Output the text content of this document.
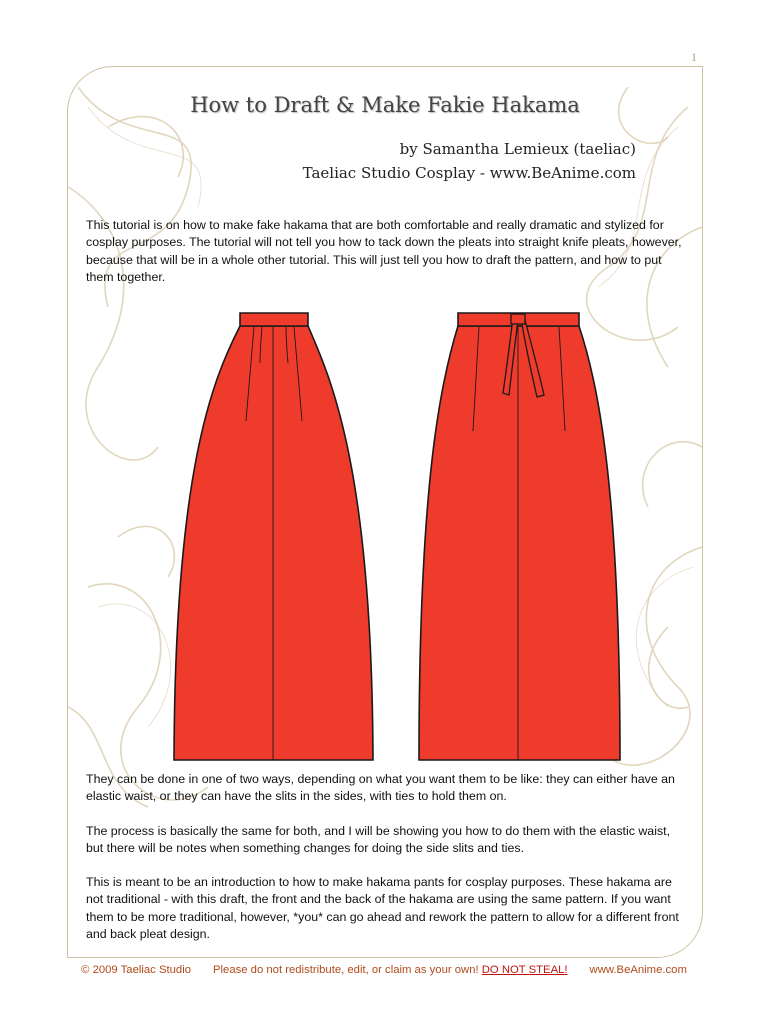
1
How to Draft & Make Fakie Hakama
by Samantha Lemieux (taeliac)
Taeliac Studio Cosplay - www.BeAnime.com

This tutorial is on how to make fake hakama that are both comfortable and really dramatic and stylized for cosplay purposes. The tutorial will not tell you how to tack down the pleats into straight knife pleats, however, because that will be in a whole other tutorial. This will just tell you how to draft the pattern, and how to put them together.

They can be done in one of two ways, depending on what you want them to be like: they can either have an elastic waist, or they can have the slits in the sides, with ties to hold them on.

The process is basically the same for both, and I will be showing you how to do them with the elastic waist, but there will be notes when something changes for doing the side slits and ties.

This is meant to be an introduction to how to make hakama pants for cosplay purposes. These hakama are not traditional - with this draft, the front and the back of the hakama are using the same pattern. If you want them to be more traditional, however, *you* can go ahead and rework the pattern to allow for a different front and back pleat design.

© 2009 Taeliac Studio Please do not redistribute, edit, or claim as your own! DO NOT STEAL! www.BeAnime.com
